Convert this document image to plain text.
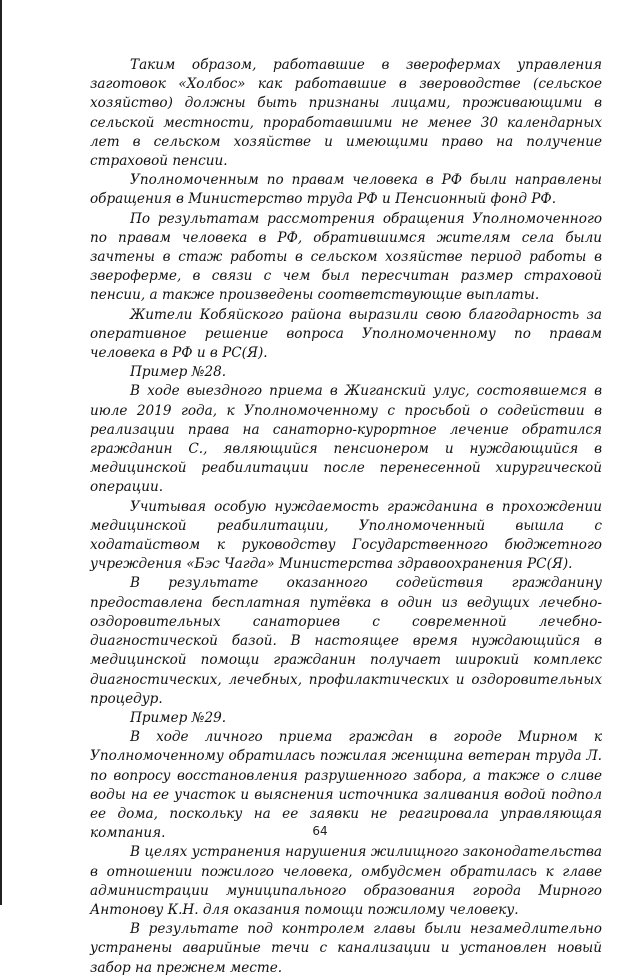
Таким образом, работавшие в зверофермах управления заготовок «Холбос» как работавшие в звероводстве (сельское хозяйство) должны быть признаны лицами, проживающими в сельской местности, проработавшими не менее 30 календарных лет в сельском хозяйстве и имеющими право на получение страховой пенсии.

Уполномоченным по правам человека в РФ были направлены обращения в Министерство труда РФ и Пенсионный фонд РФ.

По результатам рассмотрения обращения Уполномоченного по правам человека в РФ, обратившимся жителям села были зачтены в стаж работы в сельском хозяйстве период работы в звероферме, в связи с чем был пересчитан размер страховой пенсии, а также произведены соответствующие выплаты.

Жители Кобяйского района выразили свою благодарность за оперативное решение вопроса Уполномоченному по правам человека в РФ и в РС(Я).

Пример №28.

В ходе выездного приема в Жиганский улус, состоявшемся в июле 2019 года, к Уполномоченному с просьбой о содействии в реализации права на санаторно-курортное лечение обратился гражданин С., являющийся пенсионером и нуждающийся в медицинской реабилитации после перенесенной хирургической операции.

Учитывая особую нуждаемость гражданина в прохождении медицинской реабилитации, Уполномоченный вышла с ходатайством к руководству Государственного бюджетного учреждения «Бэс Чагда» Министерства здравоохранения РС(Я).

В результате оказанного содействия гражданину предоставлена бесплатная путёвка в один из ведущих лечебно-оздоровительных санаториев с современной лечебно-диагностической базой. В настоящее время нуждающийся в медицинской помощи гражданин получает широкий комплекс диагностических, лечебных, профилактических и оздоровительных процедур.

Пример №29.

В ходе личного приема граждан в городе Мирном к Уполномоченному обратилась пожилая женщина ветеран труда Л. по вопросу восстановления разрушенного забора, а также о сливе воды на ее участок и выяснения источника заливания водой подпол ее дома, поскольку на ее заявки не реагировала управляющая компания.

В целях устранения нарушения жилищного законодательства в отношении пожилого человека, омбудсмен обратилась к главе администрации муниципального образования города Мирного Антонову К.Н. для оказания помощи пожилому человеку.

В результате под контролем главы были незамедлительно устранены аварийные течи с канализации и установлен новый забор на прежнем месте.

64
